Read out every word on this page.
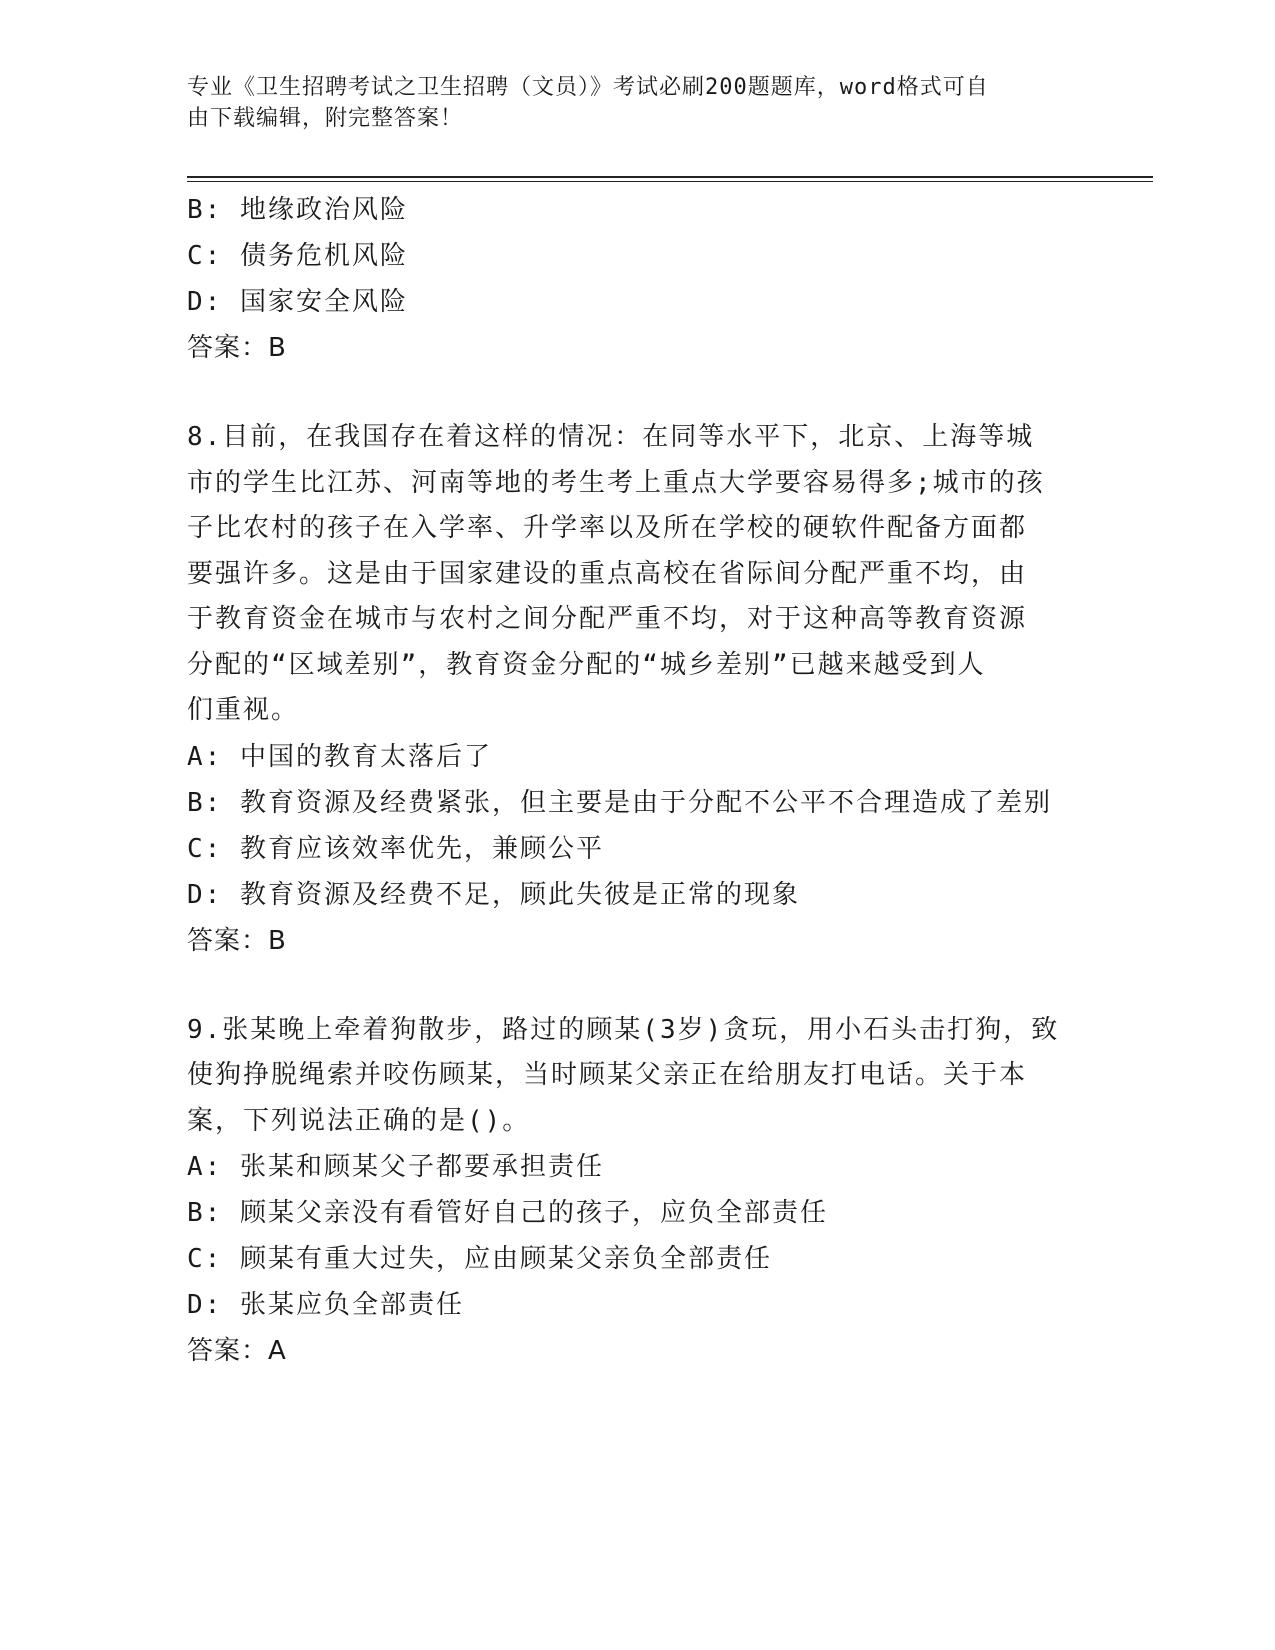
专业《卫生招聘考试之卫生招聘（文员）》考试必刷200题题库，word格式可自
由下载编辑，附完整答案！
B: 地缘政治风险
C: 债务危机风险
D: 国家安全风险
答案：B
8.目前，在我国存在着这样的情况：在同等水平下，北京、上海等城
市的学生比江苏、河南等地的考生考上重点大学要容易得多;城市的孩
子比农村的孩子在入学率、升学率以及所在学校的硬软件配备方面都
要强许多。这是由于国家建设的重点高校在省际间分配严重不均，由
于教育资金在城市与农村之间分配严重不均，对于这种高等教育资源
分配的“区域差别”，教育资金分配的“城乡差别”已越来越受到人
们重视。
A: 中国的教育太落后了
B: 教育资源及经费紧张，但主要是由于分配不公平不合理造成了差别
C: 教育应该效率优先，兼顾公平
D: 教育资源及经费不足，顾此失彼是正常的现象
答案：B
9.张某晚上牵着狗散步，路过的顾某(3岁)贪玩，用小石头击打狗，致
使狗挣脱绳索并咬伤顾某，当时顾某父亲正在给朋友打电话。关于本
案，下列说法正确的是()。
A: 张某和顾某父子都要承担责任
B: 顾某父亲没有看管好自己的孩子，应负全部责任
C: 顾某有重大过失，应由顾某父亲负全部责任
D: 张某应负全部责任
答案：A
